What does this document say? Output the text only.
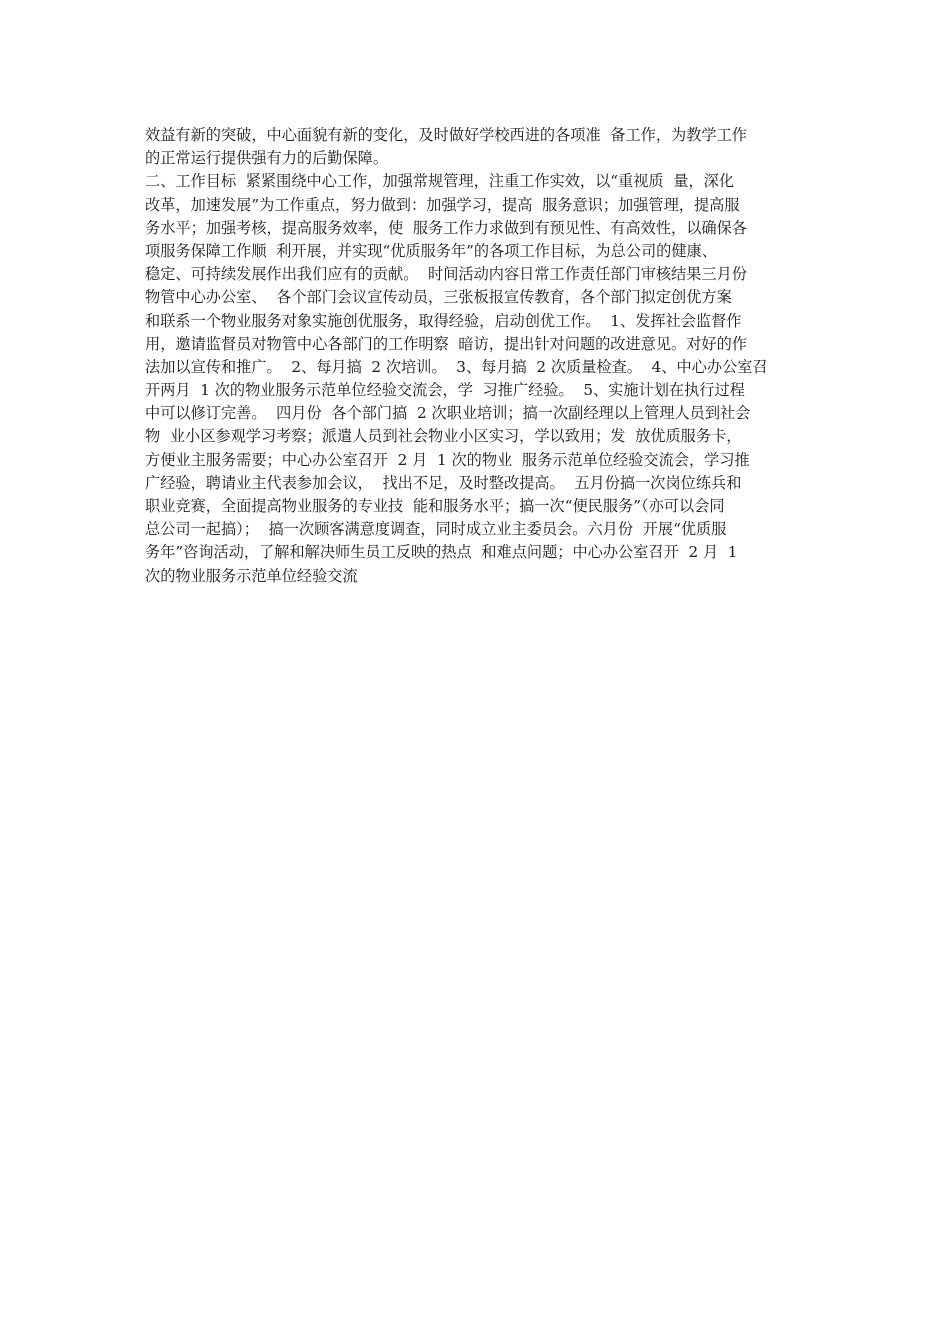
效益有新的突破，中心面貌有新的变化，及时做好学校西进的各项准  备工作，为教学工作
的正常运行提供强有力的后勤保障。
二、工作目标  紧紧围绕中心工作，加强常规管理，注重工作实效，以“重视质  量，深化
改革，加速发展”为工作重点，努力做到：加强学习，提高  服务意识；加强管理，提高服
务水平；加强考核，提高服务效率，使  服务工作力求做到有预见性、有高效性，以确保各
项服务保障工作顺  利开展，并实现“优质服务年”的各项工作目标，为总公司的健康、
稳定、可持续发展作出我们应有的贡献。  时间活动内容日常工作责任部门审核结果三月份
物管中心办公室、  各个部门会议宣传动员，三张板报宣传教育，各个部门拟定创优方案
和联系一个物业服务对象实施创优服务，取得经验，启动创优工作。  1、发挥社会监督作
用，邀请监督员对物管中心各部门的工作明察  暗访，提出针对问题的改进意见。对好的作
法加以宣传和推广。  2、每月搞  2 次培训。  3、每月搞  2 次质量检查。  4、中心办公室召
开两月  1 次的物业服务示范单位经验交流会，学  习推广经验。  5、实施计划在执行过程
中可以修订完善。  四月份  各个部门搞  2 次职业培训；搞一次副经理以上管理人员到社会
物  业小区参观学习考察；派遣人员到社会物业小区实习，学以致用；发  放优质服务卡，
方便业主服务需要；中心办公室召开  2 月  1 次的物业  服务示范单位经验交流会，学习推
广经验，聘请业主代表参加会议，  找出不足，及时整改提高。  五月份搞一次岗位练兵和
职业竞赛，全面提高物业服务的专业技  能和服务水平；搞一次“便民服务”（亦可以会同
总公司一起搞）；  搞一次顾客满意度调查，同时成立业主委员会。六月份  开展“优质服
务年”咨询活动，了解和解决师生员工反映的热点  和难点问题；中心办公室召开  2 月  1
次的物业服务示范单位经验交流
